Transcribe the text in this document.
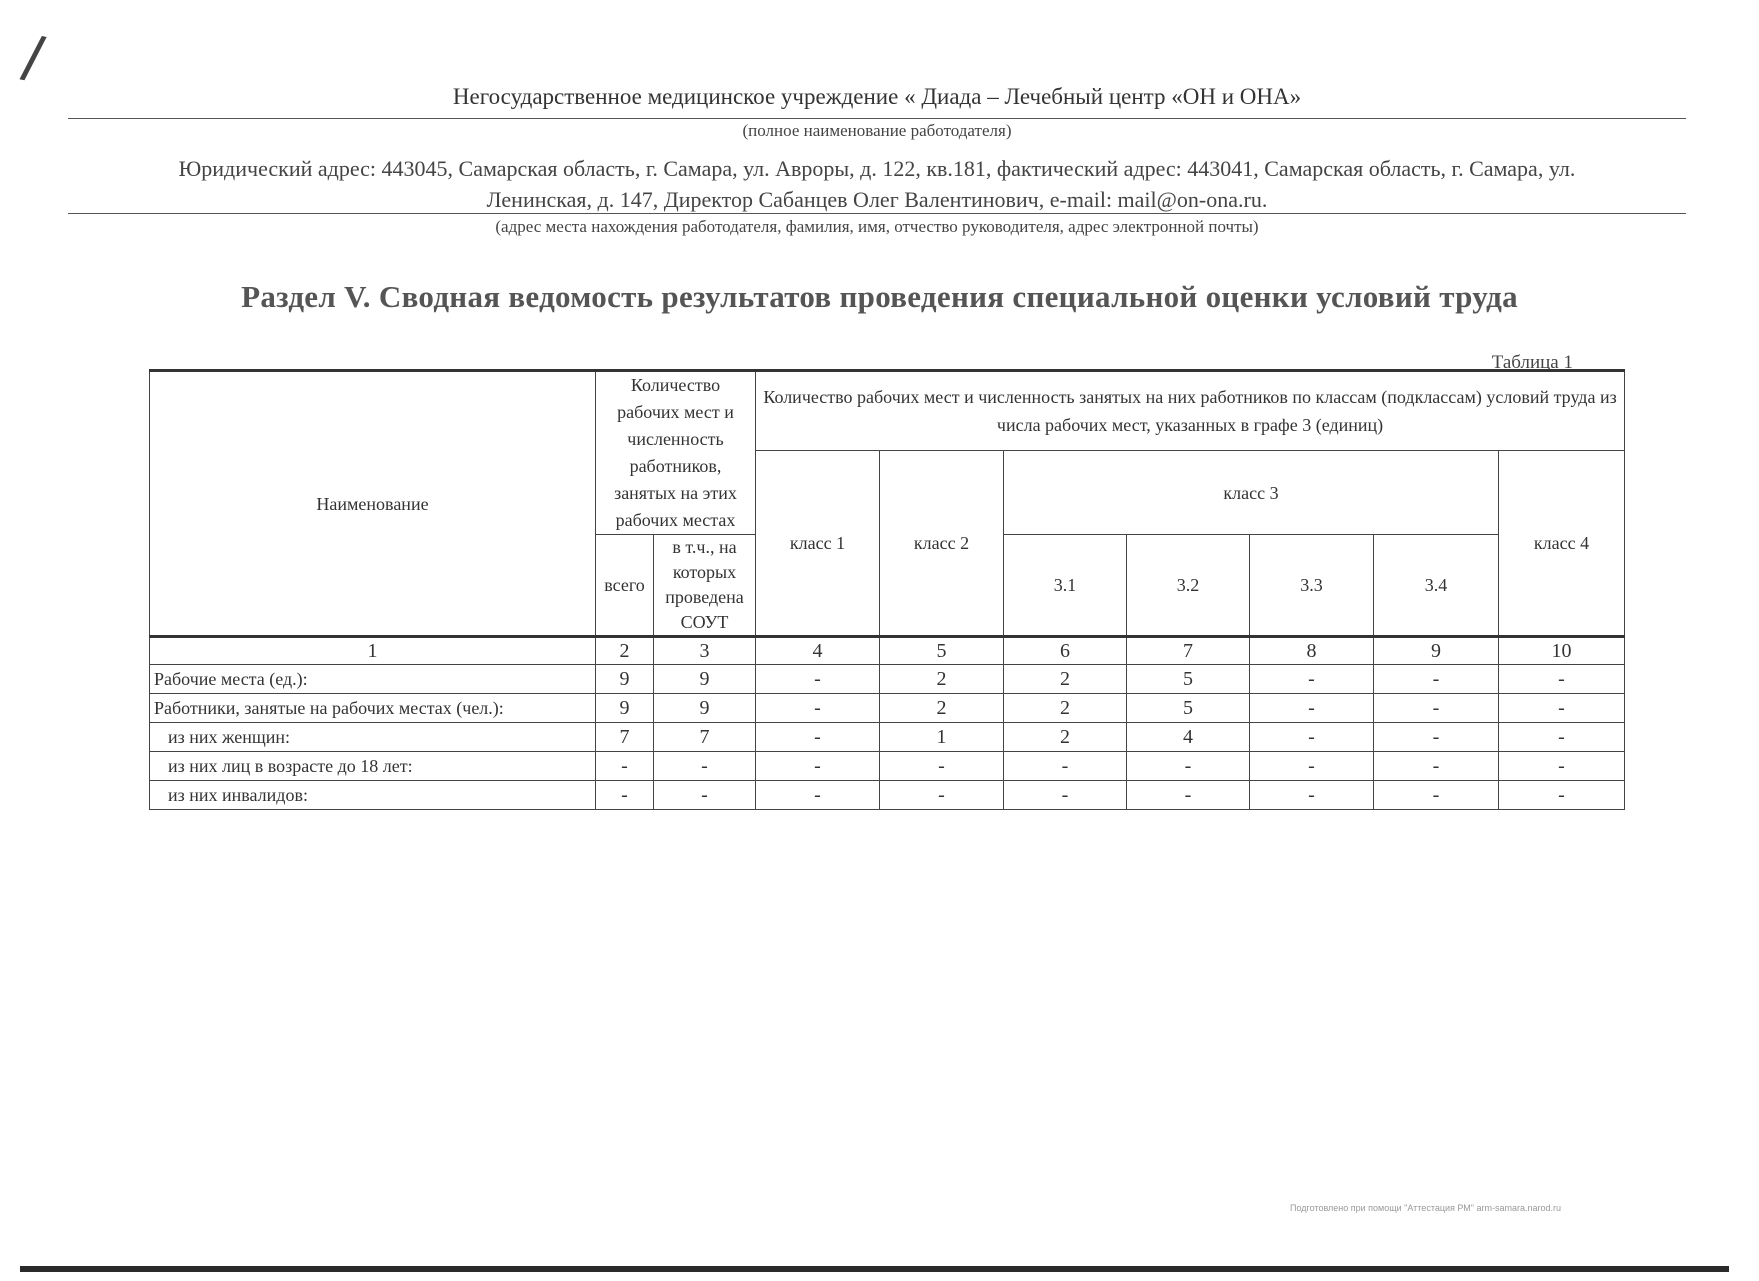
/
Негосударственное медицинское учреждение « Диада – Лечебный центр «ОН и ОНА»
(полное наименование работодателя)
Юридический адрес: 443045, Самарская область, г. Самара, ул. Авроры, д. 122, кв.181, фактический адрес: 443041, Самарская область, г. Самара, ул.
Ленинская, д. 147, Директор Сабанцев Олег Валентинович, e-mail: mail@on-ona.ru.
(адрес места нахождения работодателя, фамилия, имя, отчество руководителя, адрес электронной почты)
Раздел V. Сводная ведомость результатов проведения специальной оценки условий труда
Таблица 1
Наименование	Количество рабочих мест и численность работников, занятых на этих рабочих местах		Количество рабочих мест и численность занятых на них работников по классам (подклассам) условий труда из числа рабочих мест, указанных в графе 3 (единиц)						
			класс 1	класс 2	класс 3				класс 4
	всего	в т.ч., на которых проведена СОУТ			3.1	3.2	3.3	3.4	
1	2	3	4	5	6	7	8	9	10
Рабочие места (ед.):	9	9	-	2	2	5	-	-	-
Работники, занятые на рабочих местах (чел.):	9	9	-	2	2	5	-	-	-
из них женщин:	7	7	-	1	2	4	-	-	-
из них лиц в возрасте до 18 лет:	-	-	-	-	-	-	-	-	-
из них инвалидов:	-	-	-	-	-	-	-	-	-
Подготовлено при помощи "Аттестация РМ" arm-samara.narod.ru
